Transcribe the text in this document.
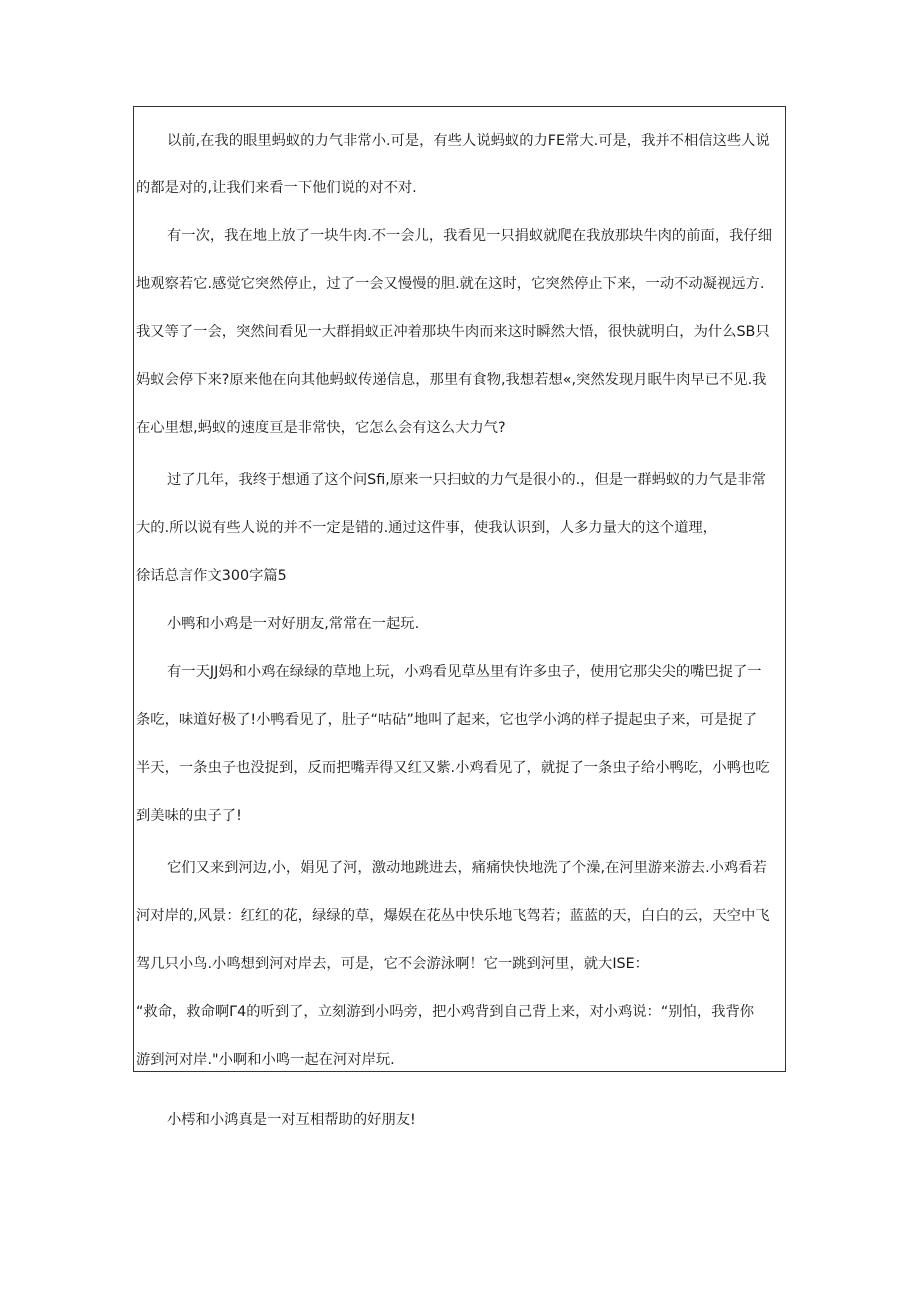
以前,在我的眼里蚂蚁的力气非常小.可是，有些人说蚂蚁的力FE常大.可是，我并不相信这些人说
的都是对的,让我们来看一下他们说的对不对.
有一次，我在地上放了一块牛肉.不一会儿，我看见一只捐蚁就爬在我放那块牛肉的前面，我仔细
地观察若它.感觉它突然停止，过了一会又慢慢的胆.就在这时，它突然停止下来，一动不动凝视远方.
我又等了一会，突然间看见一大群捐蚁正冲着那块牛肉而来这时瞬然大悟，很快就明白，为什么SB只
妈蚁会停下来?原来他在向其他蚂蚁传递信息，那里有食物,我想若想«,突然发现月眠牛肉早已不见.我
在心里想,蚂蚁的速度亘是非常快，它怎么会有这么大力气?
过了几年，我终于想通了这个问Sfi,原来一只扫蚊的力气是很小的.，但是一群蚂蚁的力气是非常
大的.所以说有些人说的并不一定是错的.通过这件事，使我认识到，人多力量大的这个道理，
徐话总言作文300字篇5
小鸭和小鸡是一对好朋友,常常在一起玩.
有一天JJ妈和小鸡在绿绿的草地上玩，小鸡看见草丛里有许多虫子，使用它那尖尖的嘴巴捉了一
条吃，味道好极了!小鸭看见了，肚子“咕砧”地叫了起来，它也学小鸿的样子提起虫子来，可是捉了
半天，一条虫子也没捉到，反而把嘴弄得又红又紫.小鸡看见了，就捉了一条虫子给小鸭吃，小鸭也吃
到美味的虫子了!
它们又来到河边,小，娟见了河，激动地跳进去，痛痛快快地洗了个澡,在河里游来游去.小鸡看若
河对岸的,风景：红红的花，绿绿的草，爆娱在花丛中快乐地飞驾若；蓝蓝的天，白白的云，天空中飞
驾几只小鸟.小鸣想到河对岸去，可是，它不会游泳啊！它一跳到河里，就大ISE：
“救命，救命啊Γ4的听到了，立刻游到小吗旁，把小鸡背到自己背上来，对小鸡说：“别怕，我背你
游到河对岸."小啊和小鸣一起在河对岸玩.
小樗和小鸿真是一对互相帮助的好朋友!
